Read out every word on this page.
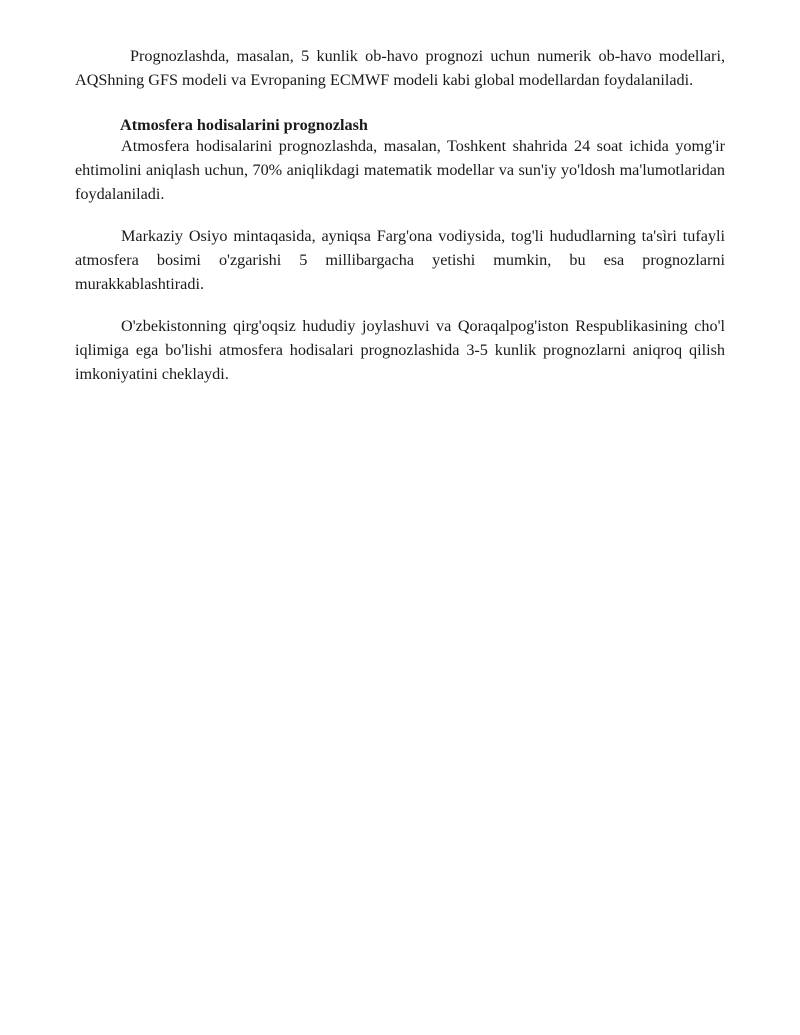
Prognozlashda, masalan, 5 kunlik ob-havo prognozi uchun numerik ob-havo modellari, AQShning GFS modeli va Evropaning ECMWF modeli kabi global modellardan foydalaniladi.

Atmosfera hodisalarini prognozlash

Atmosfera hodisalarini prognozlashda, masalan, Toshkent shahrida 24 soat ichida yomg'ir ehtimolini aniqlash uchun, 70% aniqlikdagi matematik modellar va sun'iy yo'ldosh ma'lumotlaridan foydalaniladi.

Markaziy Osiyo mintaqasida, ayniqsa Farg'ona vodiysida, tog'li hududlarning ta'sìri tufayli atmosfera bosimi o'zgarishi 5 millibargacha yetishi mumkin, bu esa prognozlarni murakkablashtiradi.

O'zbekistonning qirg'oqsiz hududiy joylashuvi va Qoraqalpog'iston Respublikasining cho'l iqlimiga ega bo'lishi atmosfera hodisalari prognozlashida 3-5 kunlik prognozlarni aniqroq qilish imkoniyatini cheklaydi.
